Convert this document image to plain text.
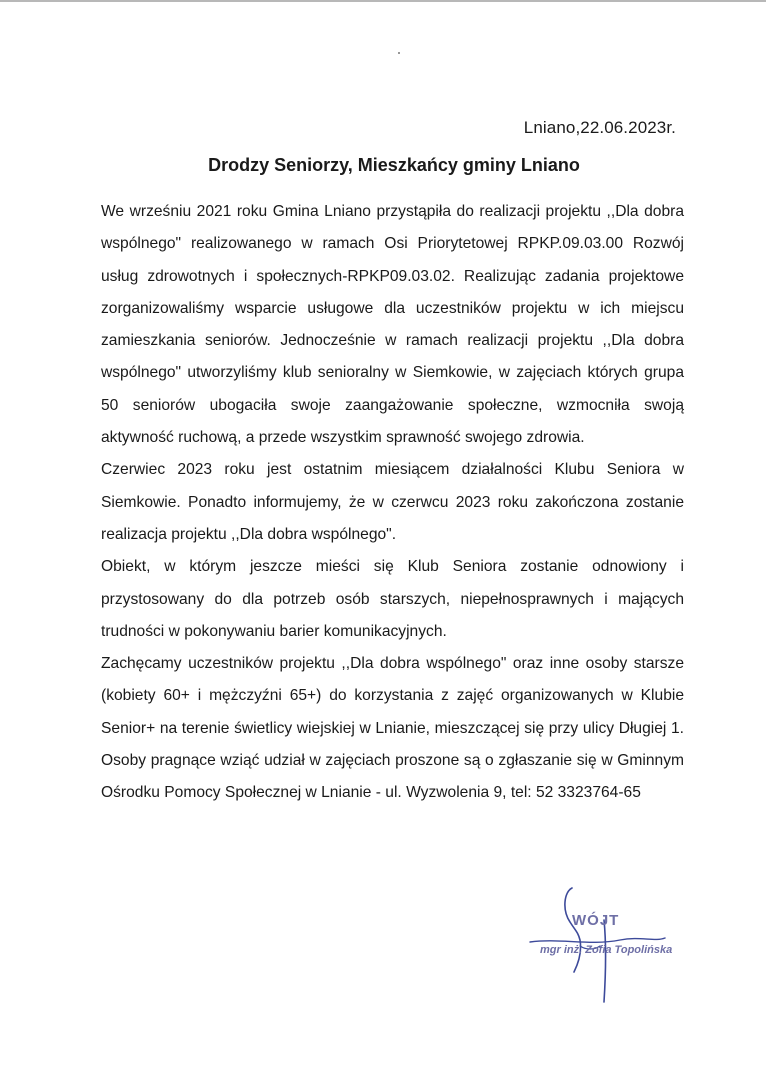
Lniano,22.06.2023r.
Drodzy Seniorzy, Mieszkańcy gminy Lniano

We wrześniu 2021 roku Gmina Lniano przystąpiła do realizacji projektu ,,Dla dobra wspólnego" realizowanego w ramach Osi Priorytetowej RPKP.09.03.00 Rozwój usług zdrowotnych i społecznych-RPKP09.03.02. Realizując zadania projektowe zorganizowaliśmy wsparcie usługowe dla uczestników projektu w ich miejscu zamieszkania seniorów. Jednocześnie w ramach realizacji projektu ,,Dla dobra wspólnego" utworzyliśmy klub senioralny w Siemkowie, w zajęciach których grupa 50 seniorów ubogaciła swoje zaangażowanie społeczne, wzmocniła swoją aktywność ruchową, a przede wszystkim sprawność swojego zdrowia.

Czerwiec 2023 roku jest ostatnim miesiącem działalności Klubu Seniora w Siemkowie. Ponadto informujemy, że w czerwcu 2023 roku zakończona zostanie realizacja projektu ,,Dla dobra wspólnego".

Obiekt, w którym jeszcze mieści się Klub Seniora zostanie odnowiony i przystosowany do dla potrzeb osób starszych, niepełnosprawnych i mających trudności w pokonywaniu barier komunikacyjnych.

Zachęcamy uczestników projektu ,,Dla dobra wspólnego" oraz inne osoby starsze (kobiety 60+ i mężczyźni 65+) do korzystania z zajęć organizowanych w Klubie Senior+ na terenie świetlicy wiejskiej w Lnianie, mieszczącej się przy ulicy Długiej 1. Osoby pragnące wziąć udział w zajęciach proszone są o zgłaszanie się w Gminnym Ośrodku Pomocy Społecznej w Lnianie - ul. Wyzwolenia 9, tel: 52 3323764-65

WÓJT
mgr inż. Zofia Topolińska
